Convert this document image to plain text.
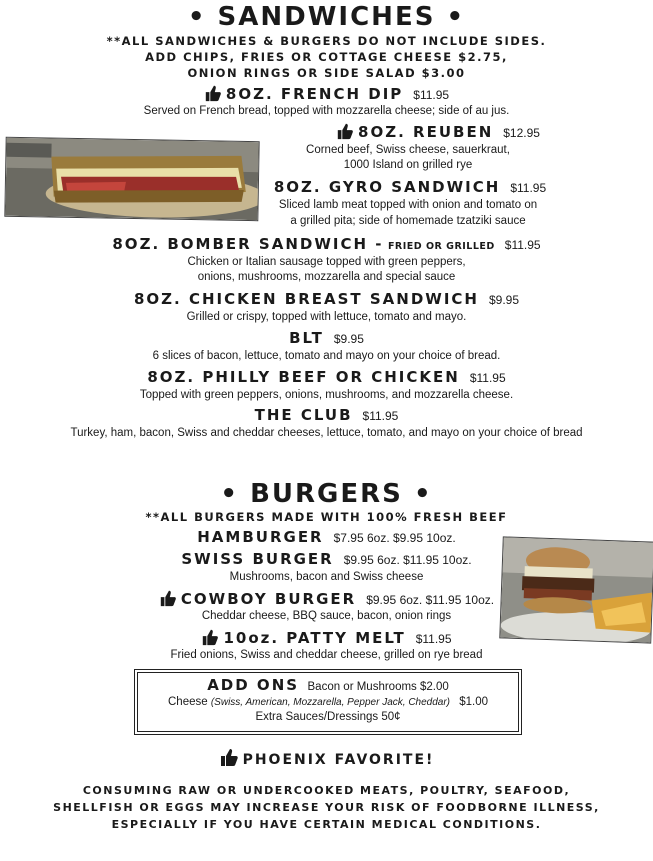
• SANDWICHES •
**ALL SANDWICHES & BURGERS DO NOT INCLUDE SIDES.
ADD CHIPS, FRIES OR COTTAGE CHEESE $2.75,
ONION RINGS OR SIDE SALAD $3.00
8OZ. FRENCH DIP $11.95
Served on French bread, topped with mozzarella cheese; side of au jus.
8OZ. REUBEN $12.95
Corned beef, Swiss cheese, sauerkraut,
1000 Island on grilled rye
8OZ. GYRO SANDWICH $11.95
Sliced lamb meat topped with onion and tomato on
a grilled pita; side of homemade tzatziki sauce
8OZ. BOMBER SANDWICH - FRIED OR GRILLED $11.95
Chicken or Italian sausage topped with green peppers,
onions, mushrooms, mozzarella and special sauce
8OZ. CHICKEN BREAST SANDWICH $9.95
Grilled or crispy, topped with lettuce, tomato and mayo.
BLT $9.95
6 slices of bacon, lettuce, tomato and mayo on your choice of bread.
8OZ. PHILLY BEEF OR CHICKEN $11.95
Topped with green peppers, onions, mushrooms, and mozzarella cheese.
THE CLUB $11.95
Turkey, ham, bacon, Swiss and cheddar cheeses, lettuce, tomato, and mayo on your choice of bread
• BURGERS •
**ALL BURGERS MADE WITH 100% FRESH BEEF
HAMBURGER $7.95 6oz. $9.95 10oz.
SWISS BURGER $9.95 6oz. $11.95 10oz.
Mushrooms, bacon and Swiss cheese
COWBOY BURGER $9.95 6oz. $11.95 10oz.
Cheddar cheese, BBQ sauce, bacon, onion rings
10oz. PATTY MELT $11.95
Fried onions, Swiss and cheddar cheese, grilled on rye bread
ADD ONS Bacon or Mushrooms $2.00
Cheese (Swiss, American, Mozzarella, Pepper Jack, Cheddar) $1.00
Extra Sauces/Dressings 50¢
PHOENIX FAVORITE!
CONSUMING RAW OR UNDERCOOKED MEATS, POULTRY, SEAFOOD,
SHELLFISH OR EGGS MAY INCREASE YOUR RISK OF FOODBORNE ILLNESS,
ESPECIALLY IF YOU HAVE CERTAIN MEDICAL CONDITIONS.
